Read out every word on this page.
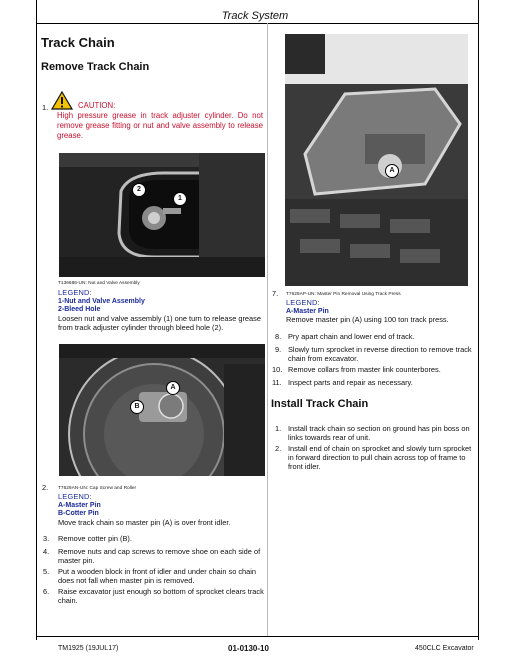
Track System
Track Chain
Remove Track Chain
1.	CAUTION:
High pressure grease in track adjuster cylinder. Do not remove grease fitting or nut and valve assembly to release grease.
2
1
T136686-UN: Nut and Valve Assembly
LEGEND:
1-Nut and Valve Assembly
2-Bleed Hole
Loosen nut and valve assembly (1) one turn to release grease from track adjuster cylinder through bleed hole (2).
A
B
2. T7629AN-UN: Cap Screw and Roller
LEGEND:
A-Master Pin
B-Cotter Pin
Move track chain so master pin (A) is over front idler.
3. Remove cotter pin (B).
4. Remove nuts and cap screws to remove shoe on each side of master pin.
5. Put a wooden block in front of idler and under chain so chain does not fall when master pin is removed.
6. Raise excavator just enough so bottom of sprocket clears track chain.
A
7. T7629AP-UN: Master Pin Removal Using Track Press
LEGEND:
A-Master Pin
Remove master pin (A) using 100 ton track press.
8. Pry apart chain and lower end of track.
9. Slowly turn sprocket in reverse direction to remove track chain from excavator.
10. Remove collars from master link counterbores.
11. Inspect parts and repair as necessary.
Install Track Chain
1. Install track chain so section on ground has pin boss on links towards rear of unit.
2. Install end of chain on sprocket and slowly turn sprocket in forward direction to pull chain across top of frame to front idler.
TM1925 (19JUL17)	01-0130-10	450CLC Excavator
